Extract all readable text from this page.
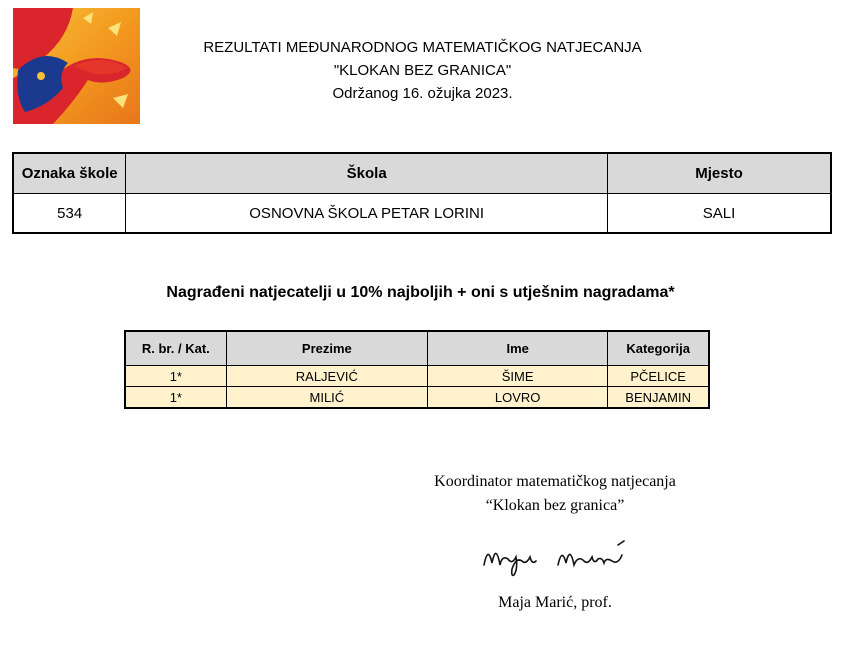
REZULTATI MEĐUNARODNOG MATEMATIČKOG NATJECANJA
"KLOKAN BEZ GRANICA"
Održanog 16. ožujka 2023.
Oznaka škole	Škola	Mjesto
534	OSNOVNA ŠKOLA PETAR LORINI	SALI
Nagrađeni natjecatelji u 10% najboljih + oni s utješnim nagradama*
R. br. / Kat.	Prezime	Ime	Kategorija
1*	RALJEVIĆ	ŠIME	PČELICE
1*	MILIĆ	LOVRO	BENJAMIN
Koordinator matematičkog natjecanja
“Klokan bez granica”
Maja Marić, prof.
